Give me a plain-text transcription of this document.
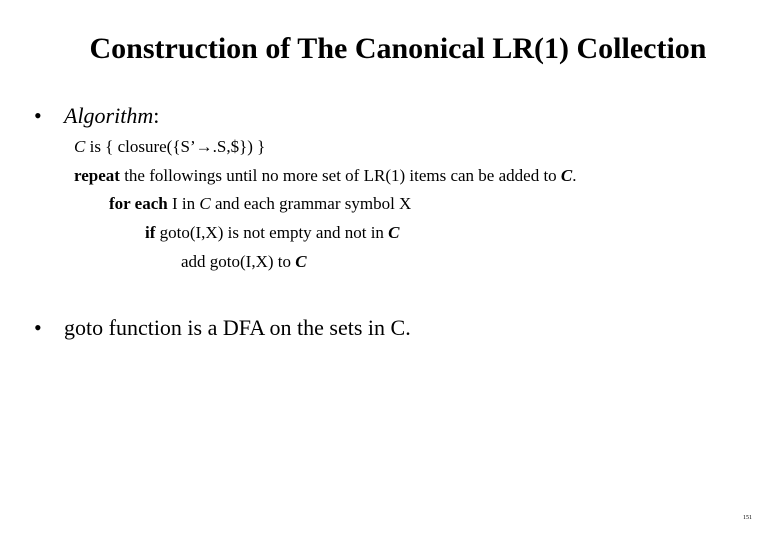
Construction of The Canonical LR(1) Collection
• Algorithm:
C is { closure({S’→.S,$}) }
repeat the followings until no more set of LR(1) items can be added to C.
for each I in C and each grammar symbol X
if goto(I,X) is not empty and not in C
add goto(I,X) to C
• goto function is a DFA on the sets in C.
151
